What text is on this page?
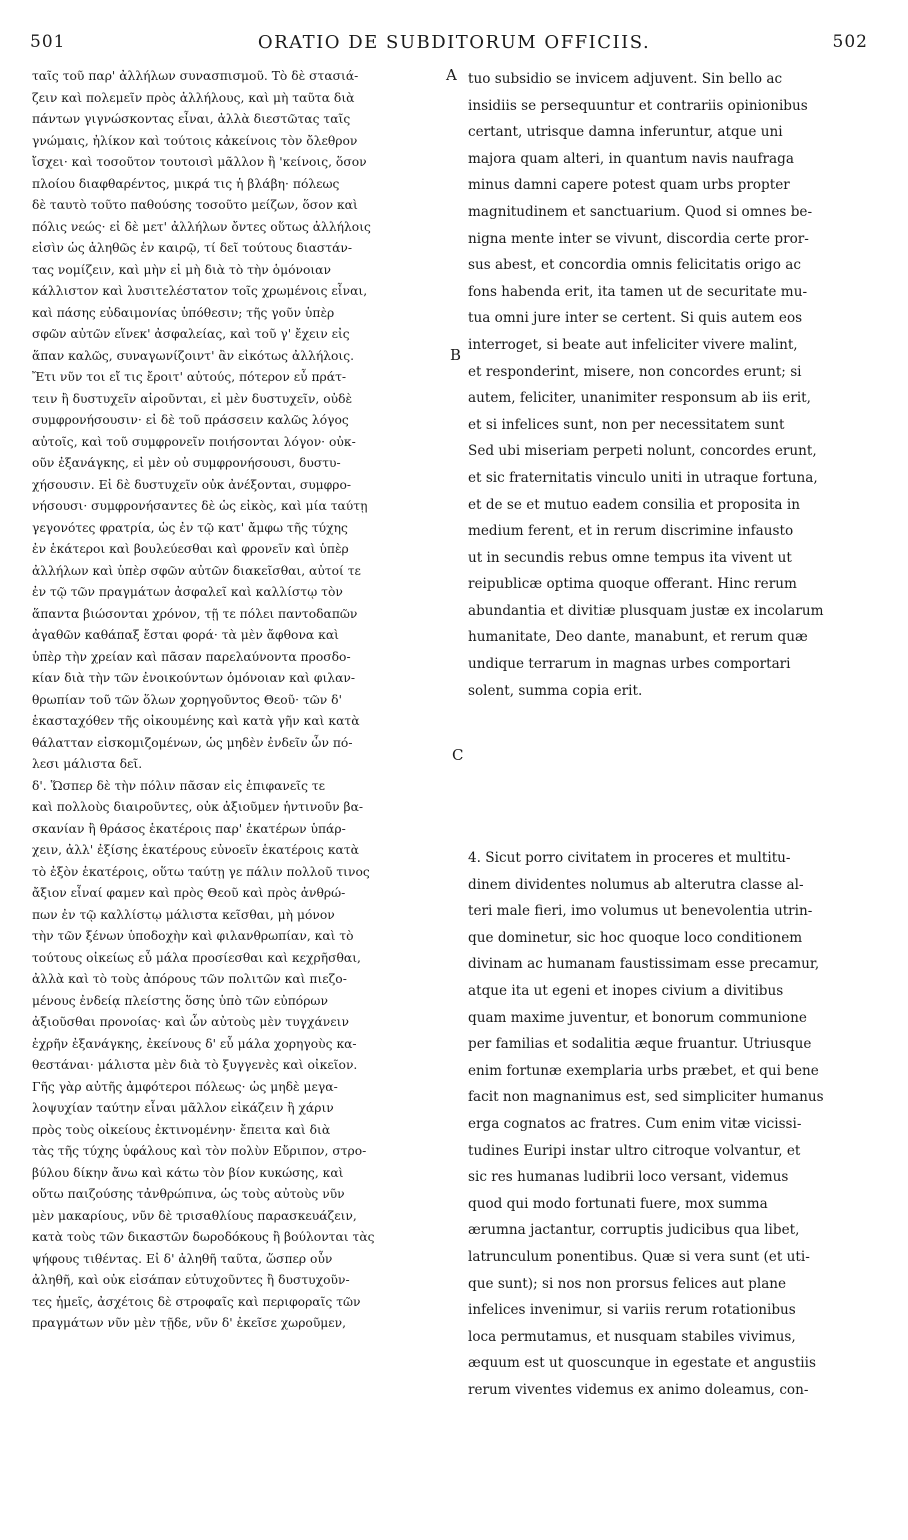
501	ORATIO DE SUBDITORUM OFFICIIS.	502
A
B
C
ταῖς τοῦ παρ' ἀλλήλων συνασπισμοῦ. Τὸ δὲ στασιά-
ζειν καὶ πολεμεῖν πρὸς ἀλλήλους, καὶ μὴ ταῦτα διὰ
πάντων γιγνώσκοντας εἶναι, ἀλλὰ διεστῶτας ταῖς
γνώμαις, ἠλίκον καὶ τούτοις κἀκείνοις τὸν ὄλεθρον
ἴσχει· καὶ τοσοῦτον τουτοισὶ μᾶλλον ἢ 'κείνοις, ὅσον
πλοίου διαφθαρέντος, μικρά τις ἡ βλάβη· πόλεως
δὲ ταυτὸ τοῦτο παθούσης τοσοῦτο μείζων, ὅσον καὶ
πόλις νεώς· εἰ δὲ μετ' ἀλλήλων ὄντες οὕτως ἀλλήλοις
εἰσὶν ὡς ἀληθῶς ἐν καιρῷ, τί δεῖ τούτους διαστάν-
τας νομίζειν, καὶ μὴν εἰ μὴ διὰ τὸ τὴν ὁμόνοιαν
κάλλιστον καὶ λυσιτελέστατον τοῖς χρωμένοις εἶναι,
καὶ πάσης εὐδαιμονίας ὑπόθεσιν; τῆς γοῦν ὑπὲρ
σφῶν αὐτῶν εἵνεκ' ἀσφαλείας, καὶ τοῦ γ' ἔχειν εἰς
ἅπαν καλῶς, συναγωνίζοιντ' ἂν εἰκότως ἀλλήλοις.
Ἔτι νῦν τοι εἴ τις ἔροιτ' αὐτούς, πότερον εὖ πράτ-
τειν ἢ δυστυχεῖν αἱροῦνται, εἰ μὲν δυστυχεῖν, οὐδὲ
συμφρονήσουσιν· εἰ δὲ τοῦ πράσσειν καλῶς λόγος
αὐτοῖς, καὶ τοῦ συμφρονεῖν ποιήσονται λόγον· οὐκ-
οῦν ἐξανάγκης, εἰ μὲν οὐ συμφρονήσουσι, δυστυ-
χήσουσιν. Εἰ δὲ δυστυχεῖν οὐκ ἀνέξονται, συμφρο-
νήσουσι· συμφρονήσαντες δὲ ὡς εἰκὸς, καὶ μία ταύτῃ
γεγονότες φρατρία, ὡς ἐν τῷ κατ' ἄμφω τῆς τύχης
ἐν ἑκάτεροι καὶ βουλεύεσθαι καὶ φρονεῖν καὶ ὑπὲρ
ἀλλήλων καὶ ὑπὲρ σφῶν αὐτῶν διακεῖσθαι, αὐτοί τε
ἐν τῷ τῶν πραγμάτων ἀσφαλεῖ καὶ καλλίστῳ τὸν
ἅπαντα βιώσονται χρόνον, τῇ τε πόλει παντοδαπῶν
ἀγαθῶν καθάπαξ ἔσται φορά· τὰ μὲν ἄφθονα καὶ
ὑπὲρ τὴν χρείαν καὶ πᾶσαν παρελαύνοντα προσδο-
κίαν διὰ τὴν τῶν ἐνοικούντων ὁμόνοιαν καὶ φιλαν-
θρωπίαν τοῦ τῶν ὅλων χορηγοῦντος Θεοῦ· τῶν δ'
ἑκασταχόθεν τῆς οἰκουμένης καὶ κατὰ γῆν καὶ κατὰ
θάλατταν εἰσκομιζομένων, ὡς μηδὲν ἐνδεῖν ὧν πό-
λεσι μάλιστα δεῖ.
δ'. Ὥσπερ δὲ τὴν πόλιν πᾶσαν εἰς ἐπιφανεῖς τε
καὶ πολλοὺς διαιροῦντες, οὐκ ἀξιοῦμεν ἡντινοῦν βα-
σκανίαν ἢ θράσος ἑκατέροις παρ' ἑκατέρων ὑπάρ-
χειν, ἀλλ' ἐξίσης ἑκατέρους εὐνοεῖν ἑκατέροις κατὰ
τὸ ἐξὸν ἑκατέροις, οὕτω ταύτῃ γε πάλιν πολλοῦ τινος
ἄξιον εἶναί φαμεν καὶ πρὸς Θεοῦ καὶ πρὸς ἀνθρώ-
πων ἐν τῷ καλλίστῳ μάλιστα κεῖσθαι, μὴ μόνον
τὴν τῶν ξένων ὑποδοχὴν καὶ φιλανθρωπίαν, καὶ τὸ
τούτους οἰκείως εὖ μάλα προσίεσθαι καὶ κεχρῆσθαι,
ἀλλὰ καὶ τὸ τοὺς ἀπόρους τῶν πολιτῶν καὶ πιεζο-
μένους ἐνδείᾳ πλείστης ὅσης ὑπὸ τῶν εὐπόρων
ἀξιοῦσθαι προνοίας· καὶ ὧν αὐτοὺς μὲν τυγχάνειν
ἐχρῆν ἐξανάγκης, ἐκείνους δ' εὖ μάλα χορηγοὺς κα-
θεστάναι· μάλιστα μὲν διὰ τὸ ξυγγενὲς καὶ οἰκεῖον.
Γῆς γὰρ αὐτῆς ἀμφότεροι πόλεως· ὡς μηδὲ μεγα-
λοψυχίαν ταύτην εἶναι μᾶλλον εἰκάζειν ἢ χάριν
πρὸς τοὺς οἰκείους ἐκτινομένην· ἔπειτα καὶ διὰ
τὰς τῆς τύχης ὑφάλους καὶ τὸν πολὺν Εὔριπον, στρο-
βύλου δίκην ἄνω καὶ κάτω τὸν βίον κυκώσης, καὶ
οὕτω παιζούσης τἀνθρώπινα, ὡς τοὺς αὐτοὺς νῦν
μὲν μακαρίους, νῦν δὲ τρισαθλίους παρασκευάζειν,
κατὰ τοὺς τῶν δικαστῶν δωροδόκους ἢ βούλονται τὰς
ψήφους τιθέντας. Εἰ δ' ἀληθῆ ταῦτα, ὥσπερ οὖν
ἀληθῆ, καὶ οὐκ εἰσάπαν εὐτυχοῦντες ἢ δυστυχοῦν-
τες ἡμεῖς, ἀσχέτοις δὲ στροφαῖς καὶ περιφοραῖς τῶν
πραγμάτων νῦν μὲν τῇδε, νῦν δ' ἐκεῖσε χωροῦμεν,
tuo subsidio se invicem adjuvent. Sin bello ac
insidiis se persequuntur et contrariis opinionibus
certant, utrisque damna inferuntur, atque uni
majora quam alteri, in quantum navis naufraga
minus damni capere potest quam urbs propter
magnitudinem et sanctuarium. Quod si omnes be-
nigna mente inter se vivunt, discordia certe pror-
sus abest, et concordia omnis felicitatis origo ac
fons habenda erit, ita tamen ut de securitate mu-
tua omni jure inter se certent. Si quis autem eos
interroget, si beate aut infeliciter vivere malint,
et responderint, misere, non concordes erunt; si
autem, feliciter, unanimiter responsum ab iis erit,
et si infelices sunt, non per necessitatem sunt
Sed ubi miseriam perpeti nolunt, concordes erunt,
et sic fraternitatis vinculo uniti in utraque fortuna,
et de se et mutuo eadem consilia et proposita in
medium ferent, et in rerum discrimine infausto
ut in secundis rebus omne tempus ita vivent ut
reipublicæ optima quoque offerant. Hinc rerum
abundantia et divitiæ plusquam justæ ex incolarum
humanitate, Deo dante, manabunt, et rerum quæ
undique terrarum in magnas urbes comportari
solent, summa copia erit.
4. Sicut porro civitatem in proceres et multitu-
dinem dividentes nolumus ab alterutra classe al-
teri male fieri, imo volumus ut benevolentia utrin-
que dominetur, sic hoc quoque loco conditionem
divinam ac humanam faustissimam esse precamur,
atque ita ut egeni et inopes civium a divitibus
quam maxime juventur, et bonorum communione
per familias et sodalitia æque fruantur. Utriusque
enim fortunæ exemplaria urbs præbet, et qui bene
facit non magnanimus est, sed simpliciter humanus
erga cognatos ac fratres. Cum enim vitæ vicissi-
tudines Euripi instar ultro citroque volvantur, et
sic res humanas ludibrii loco versant, videmus
quod qui modo fortunati fuere, mox summa
ærumna jactantur, corruptis judicibus qua libet,
latrunculum ponentibus. Quæ si vera sunt (et uti-
que sunt); si nos non prorsus felices aut plane
infelices invenimur, si variis rerum rotationibus
loca permutamus, et nusquam stabiles vivimus,
æquum est ut quoscunque in egestate et angustiis
rerum viventes videmus ex animo doleamus, con-
